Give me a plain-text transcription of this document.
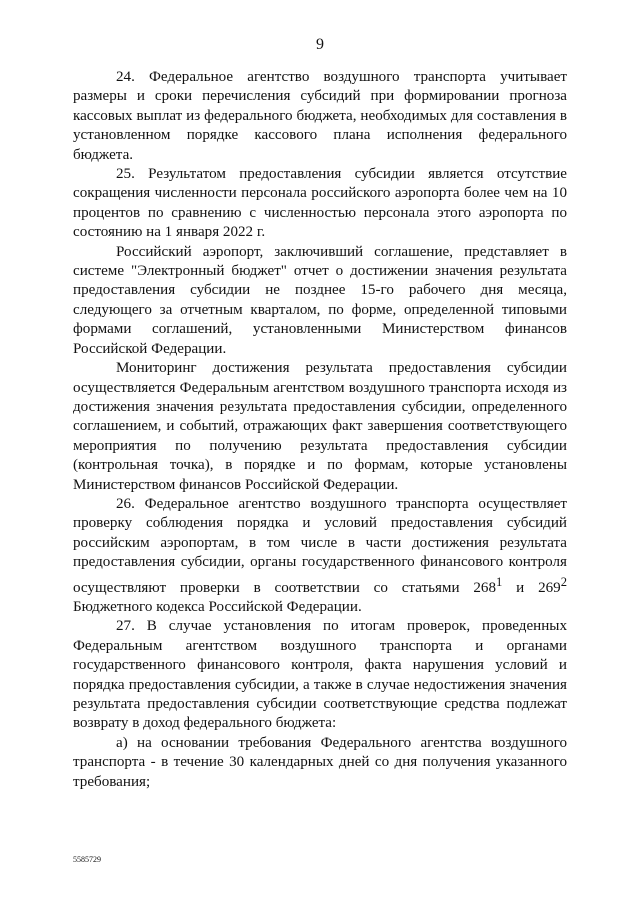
9

24. Федеральное агентство воздушного транспорта учитывает размеры и сроки перечисления субсидий при формировании прогноза кассовых выплат из федерального бюджета, необходимых для составления в установленном порядке кассового плана исполнения федерального бюджета.

25. Результатом предоставления субсидии является отсутствие сокращения численности персонала российского аэропорта более чем на 10 процентов по сравнению с численностью персонала этого аэропорта по состоянию на 1 января 2022 г.

Российский аэропорт, заключивший соглашение, представляет в системе "Электронный бюджет" отчет о достижении значения результата предоставления субсидии не позднее 15-го рабочего дня месяца, следующего за отчетным кварталом, по форме, определенной типовыми формами соглашений, установленными Министерством финансов Российской Федерации.

Мониторинг достижения результата предоставления субсидии осуществляется Федеральным агентством воздушного транспорта исходя из достижения значения результата предоставления субсидии, определенного соглашением, и событий, отражающих факт завершения соответствующего мероприятия по получению результата предоставления субсидии (контрольная точка), в порядке и по формам, которые установлены Министерством финансов Российской Федерации.

26. Федеральное агентство воздушного транспорта осуществляет проверку соблюдения порядка и условий предоставления субсидий российским аэропортам, в том числе в части достижения результата предоставления субсидии, органы государственного финансового контроля осуществляют проверки в соответствии со статьями $268^1$ и $269^2$ Бюджетного кодекса Российской Федерации.

27. В случае установления по итогам проверок, проведенных Федеральным агентством воздушного транспорта и органами государственного финансового контроля, факта нарушения условий и порядка предоставления субсидии, а также в случае недостижения значения результата предоставления субсидии соответствующие средства подлежат возврату в доход федерального бюджета:

а) на основании требования Федерального агентства воздушного транспорта - в течение 30 календарных дней со дня получения указанного требования;

5585729
